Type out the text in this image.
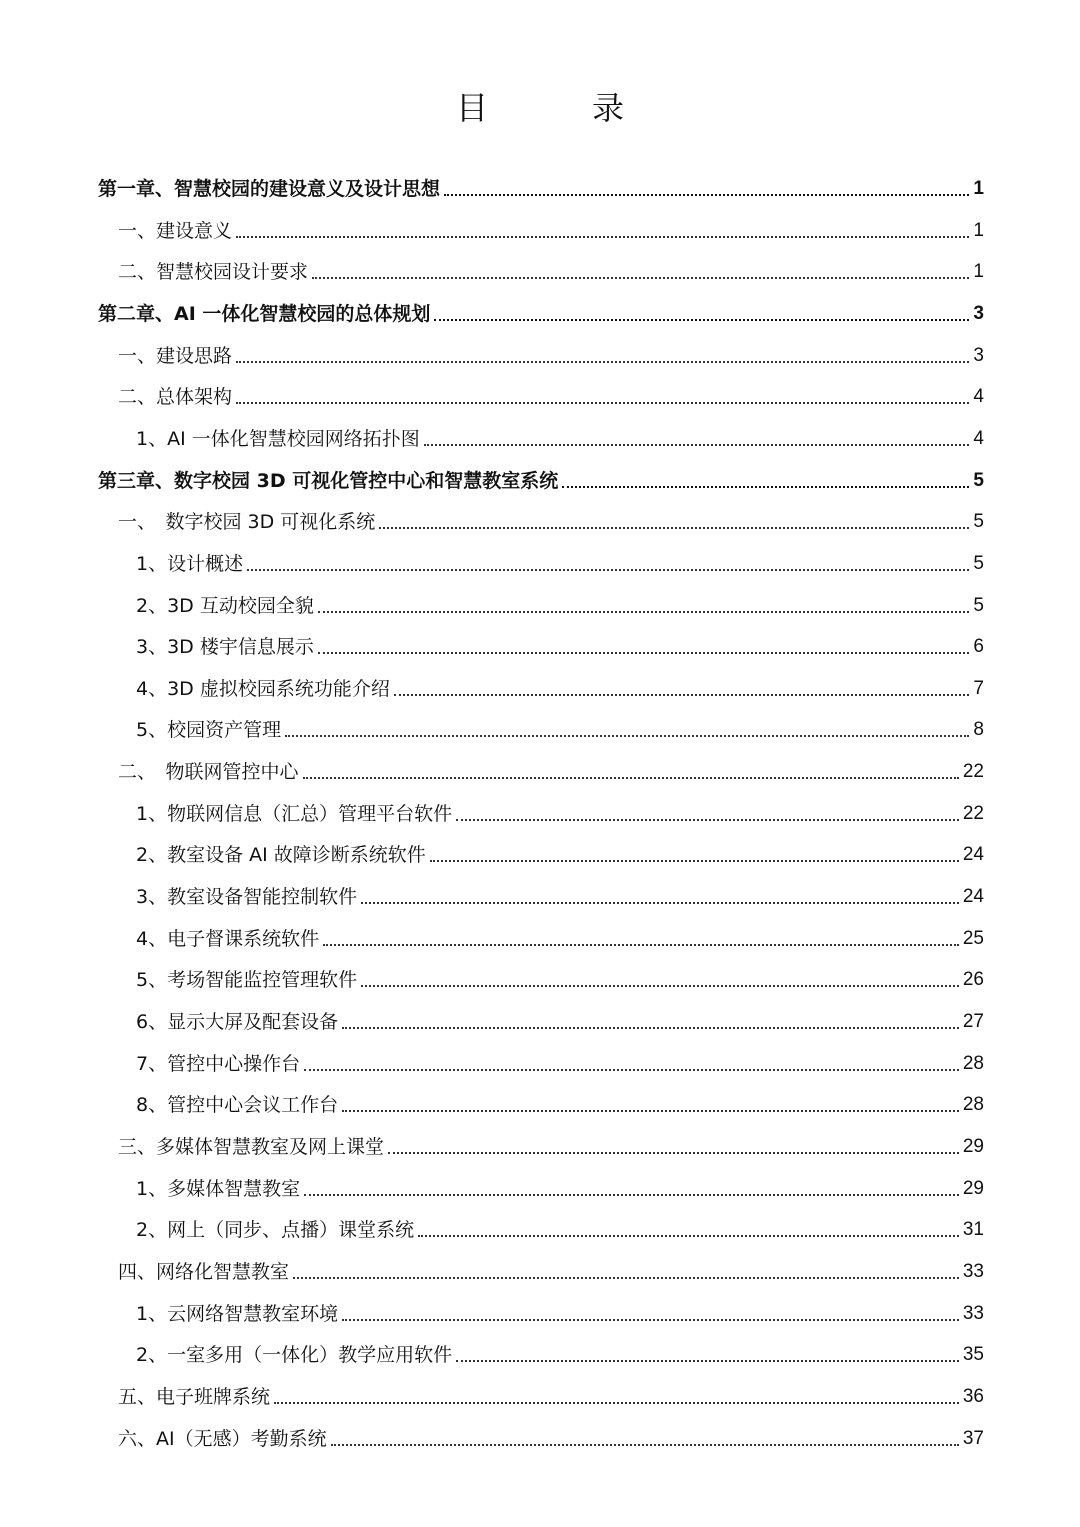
目　录
第一章、智慧校园的建设意义及设计思想	1
一、建设意义	1
二、智慧校园设计要求	1
第二章、AI 一体化智慧校园的总体规划	3
一、建设思路	3
二、总体架构	4
1、AI 一体化智慧校园网络拓扑图	4
第三章、数字校园 3D 可视化管控中心和智慧教室系统	5
一、　数字校园 3D 可视化系统	5
1、设计概述	5
2、3D 互动校园全貌	5
3、3D 楼宇信息展示	6
4、3D 虚拟校园系统功能介绍	7
5、校园资产管理	8
二、　物联网管控中心	22
1、物联网信息（汇总）管理平台软件	22
2、教室设备 AI 故障诊断系统软件	24
3、教室设备智能控制软件	24
4、电子督课系统软件	25
5、考场智能监控管理软件	26
6、显示大屏及配套设备	27
7、管控中心操作台	28
8、管控中心会议工作台	28
三、多媒体智慧教室及网上课堂	29
1、多媒体智慧教室	29
2、网上（同步、点播）课堂系统	31
四、网络化智慧教室	33
1、云网络智慧教室环境	33
2、一室多用（一体化）教学应用软件	35
五、电子班牌系统	36
六、AI（无感）考勤系统	37
